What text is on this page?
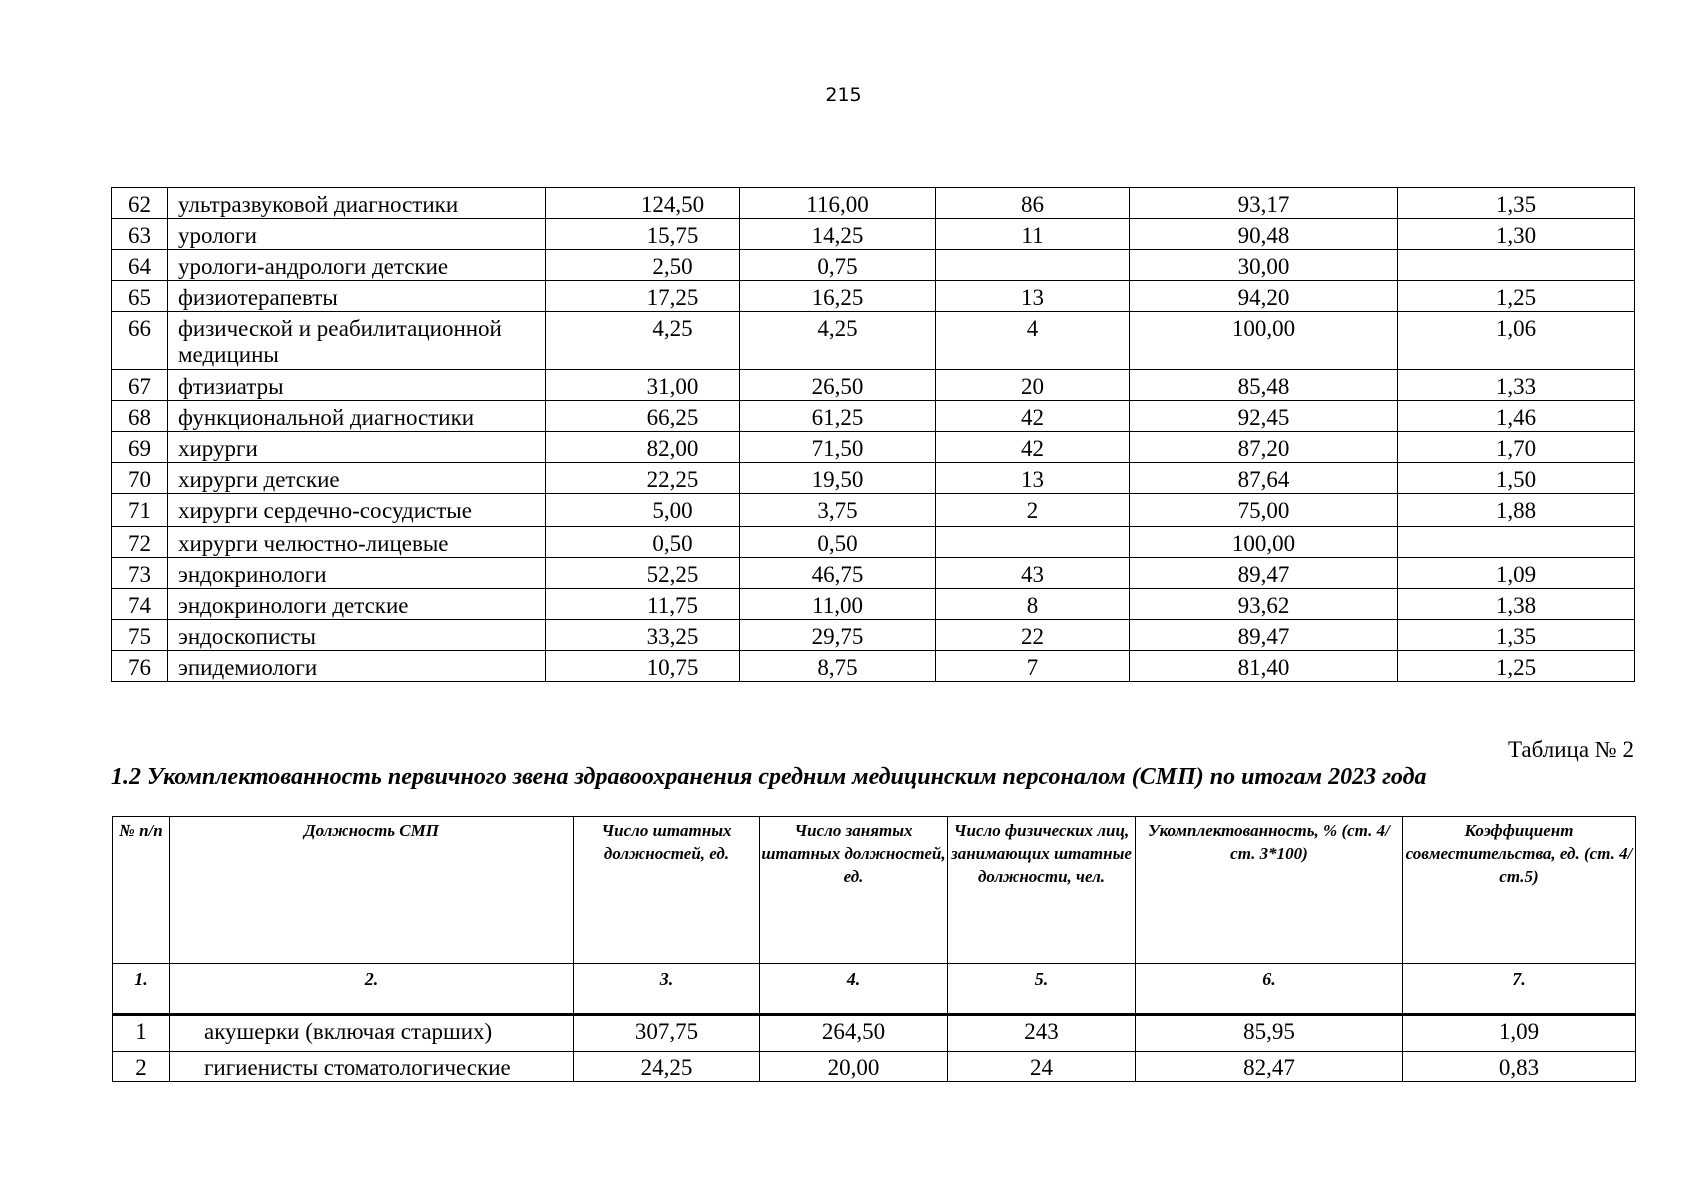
215
62	ультразвуковой диагностики	124,50	116,00	86	93,17	1,35
63	урологи	15,75	14,25	11	90,48	1,30
64	урологи-андрологи детские	2,50	0,75		30,00	
65	физиотерапевты	17,25	16,25	13	94,20	1,25
66	физической и реабилитационной медицины	4,25	4,25	4	100,00	1,06
67	фтизиатры	31,00	26,50	20	85,48	1,33
68	функциональной диагностики	66,25	61,25	42	92,45	1,46
69	хирурги	82,00	71,50	42	87,20	1,70
70	хирурги детские	22,25	19,50	13	87,64	1,50
71	хирурги сердечно-сосудистые	5,00	3,75	2	75,00	1,88
72	хирурги челюстно-лицевые	0,50	0,50		100,00	
73	эндокринологи	52,25	46,75	43	89,47	1,09
74	эндокринологи детские	11,75	11,00	8	93,62	1,38
75	эндоскописты	33,25	29,75	22	89,47	1,35
76	эпидемиологи	10,75	8,75	7	81,40	1,25
Таблица № 2
1.2 Укомплектованность первичного звена здравоохранения средним медицинским персоналом (СМП) по итогам 2023 года
№ п/п	Должность СМП	Число штатных должностей, ед.	Число занятых штатных должностей, ед.	Число физических лиц, занимающих штатные должности, чел.	Укомплектованность, % (ст. 4/ст. 3*100)	Коэффициент совместительства, ед. (ст. 4/ст.5)
1.	2.	3.	4.	5.	6.	7.
1	акушерки (включая старших)	307,75	264,50	243	85,95	1,09
2	гигиенисты стоматологические	24,25	20,00	24	82,47	0,83
